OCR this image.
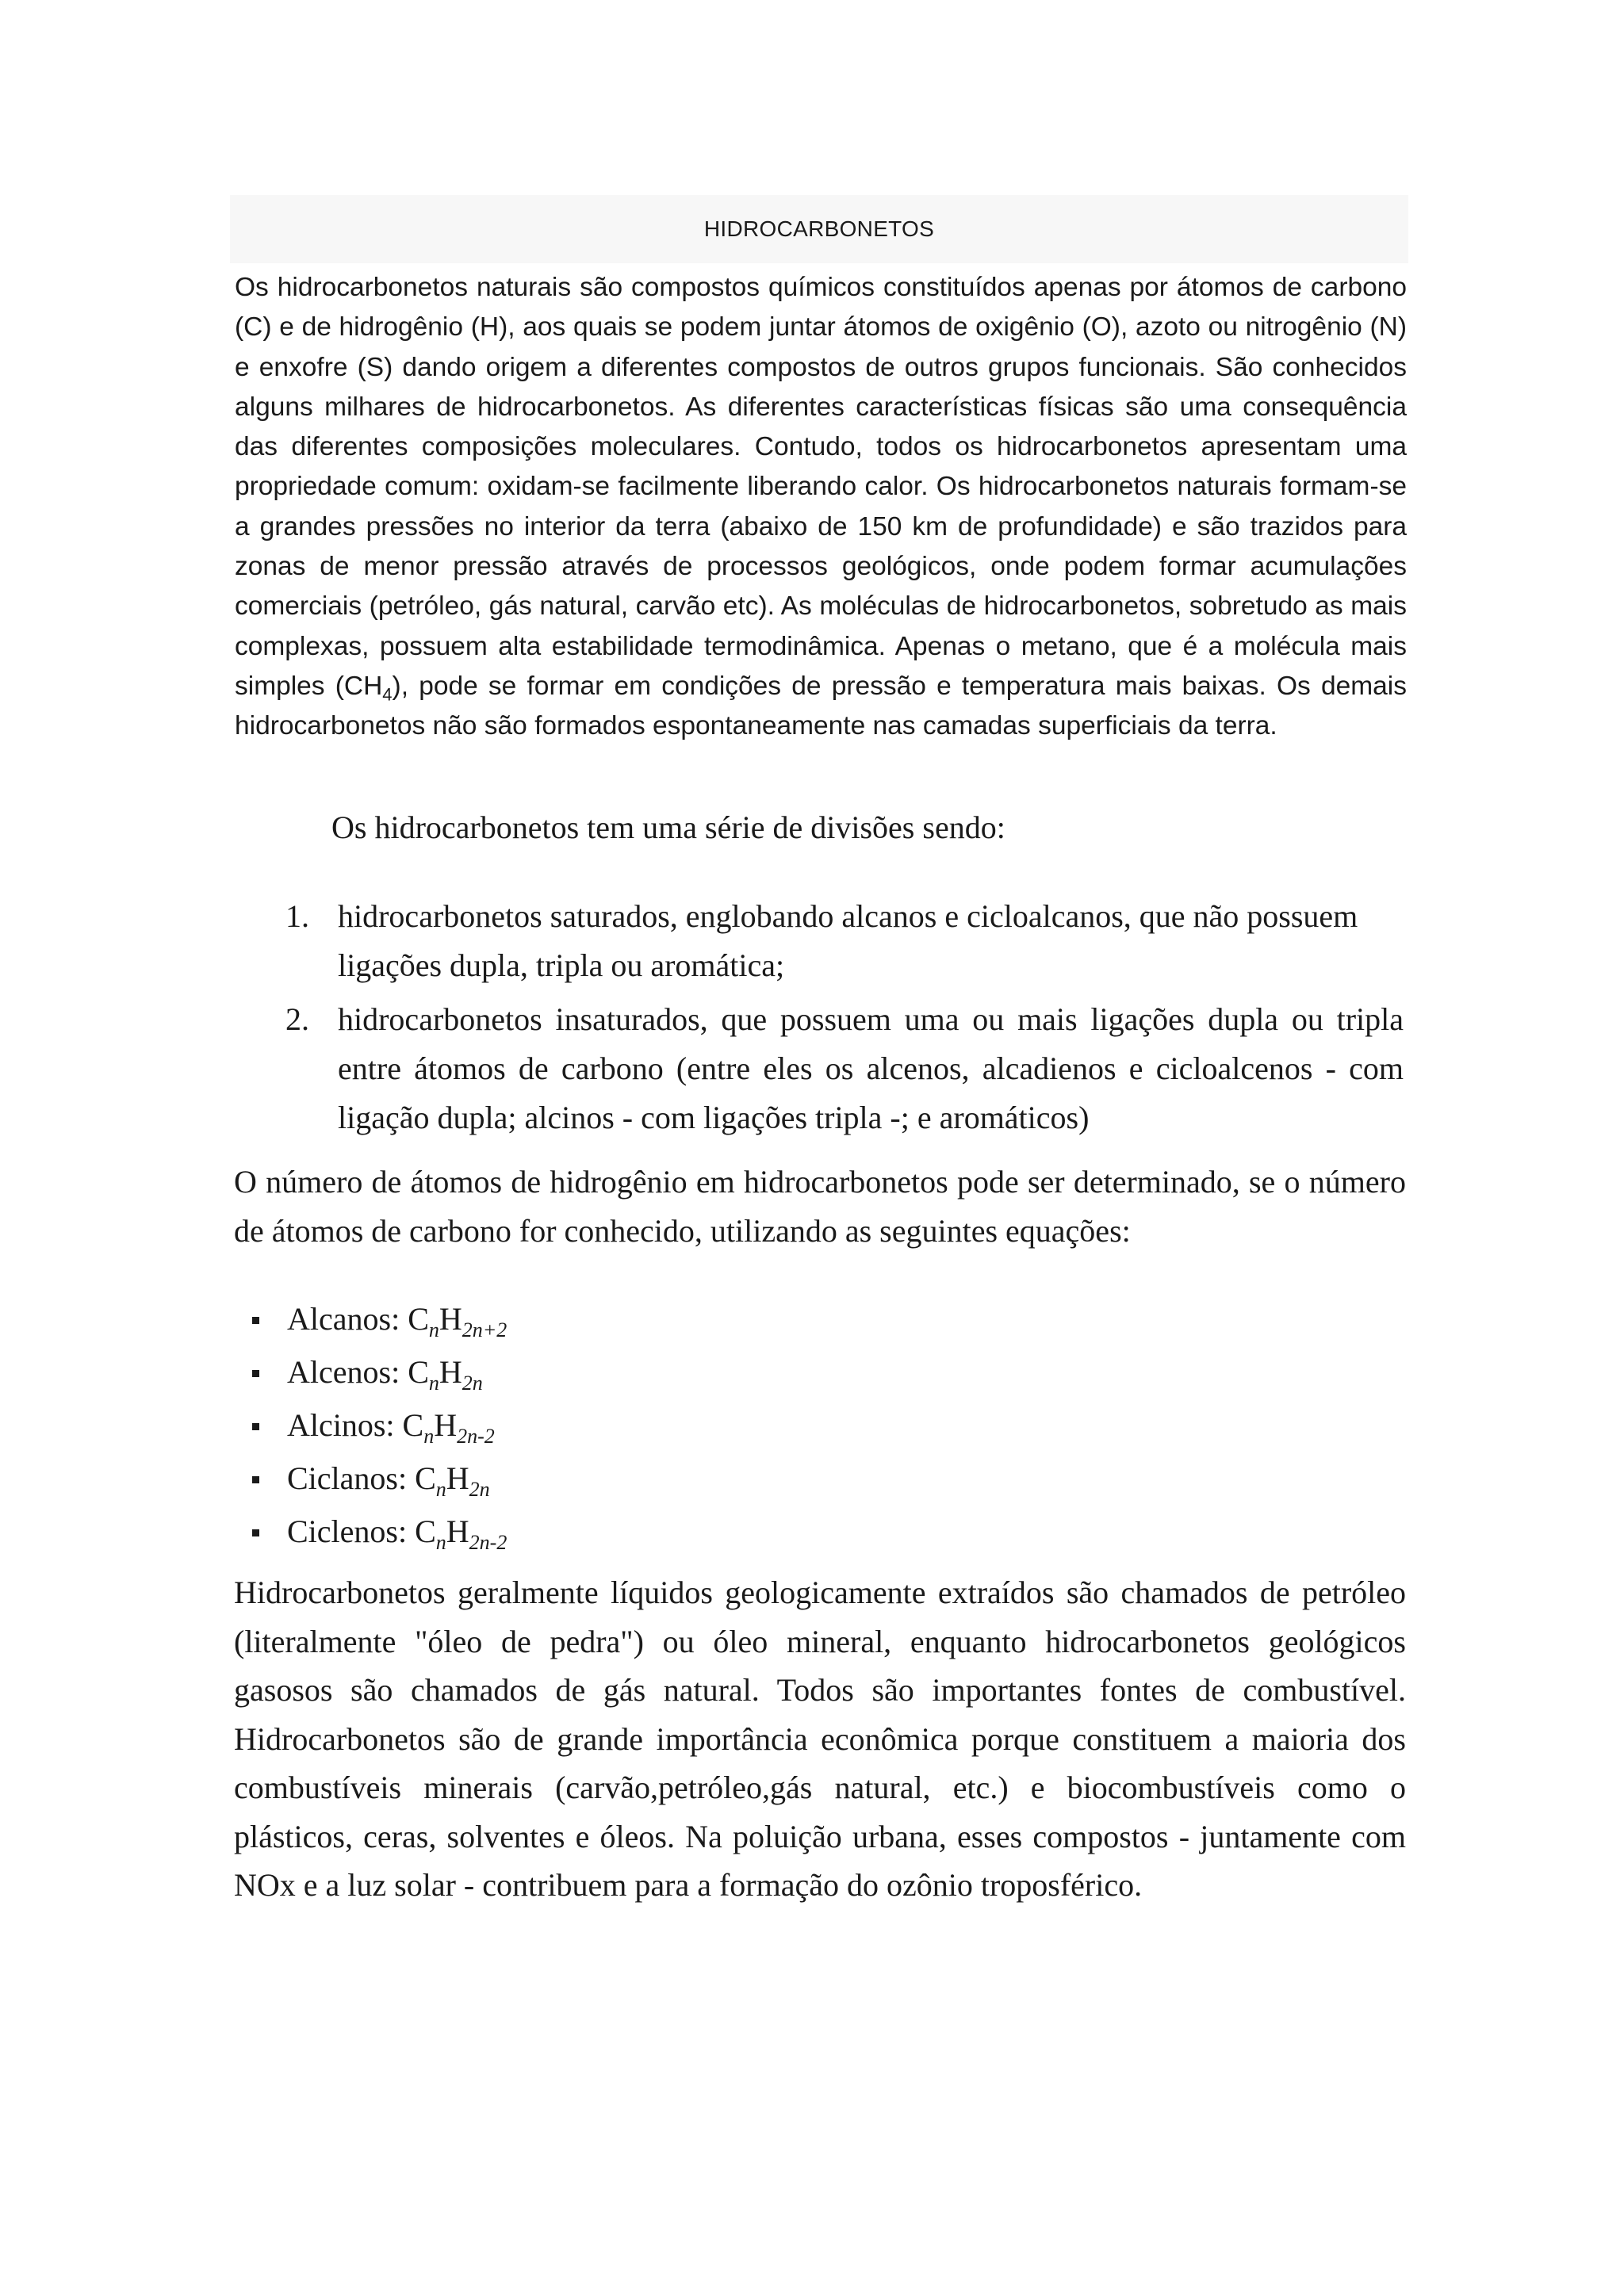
HIDROCARBONETOS

Os hidrocarbonetos naturais são compostos químicos constituídos apenas por átomos de carbono (C) e de hidrogênio (H), aos quais se podem juntar átomos de oxigênio (O), azoto ou nitrogênio (N) e enxofre (S) dando origem a diferentes compostos de outros grupos funcionais. São conhecidos alguns milhares de hidrocarbonetos. As diferentes características físicas são uma consequência das diferentes composições moleculares. Contudo, todos os hidrocarbonetos apresentam uma propriedade comum: oxidam-se facilmente liberando calor. Os hidrocarbonetos naturais formam-se a grandes pressões no interior da terra (abaixo de 150 km de profundidade) e são trazidos para zonas de menor pressão através de processos geológicos, onde podem formar acumulações comerciais (petróleo, gás natural, carvão etc). As moléculas de hidrocarbonetos, sobretudo as mais complexas, possuem alta estabilidade termodinâmica. Apenas o metano, que é a molécula mais simples $(CH_4)$, pode se formar em condições de pressão e temperatura mais baixas. Os demais hidrocarbonetos não são formados espontaneamente nas camadas superficiais da terra.

Os hidrocarbonetos tem uma série de divisões sendo:

1. hidrocarbonetos saturados, englobando alcanos e cicloalcanos, que não possuem ligações dupla, tripla ou aromática;
2. hidrocarbonetos insaturados, que possuem uma ou mais ligações dupla ou tripla entre átomos de carbono (entre eles os alcenos, alcadienos e cicloalcenos - com ligação dupla; alcinos - com ligações tripla -; e aromáticos)

O número de átomos de hidrogênio em hidrocarbonetos pode ser determinado, se o número de átomos de carbono for conhecido, utilizando as seguintes equações:

Alcanos: $C_nH_{2n+2}$
Alcenos: $C_nH_{2n}$
Alcinos: $C_nH_{2n-2}$
Ciclanos: $C_nH_{2n}$
Ciclenos: $C_nH_{2n-2}$

Hidrocarbonetos geralmente líquidos geologicamente extraídos são chamados de petróleo (literalmente "óleo de pedra") ou óleo mineral, enquanto hidrocarbonetos geológicos gasosos são chamados de gás natural. Todos são importantes fontes de combustível. Hidrocarbonetos são de grande importância econômica porque constituem a maioria dos combustíveis minerais (carvão,petróleo,gás natural, etc.) e biocombustíveis como o plásticos, ceras, solventes e óleos. Na poluição urbana, esses compostos - juntamente com NOx e a luz solar - contribuem para a formação do ozônio troposférico.
